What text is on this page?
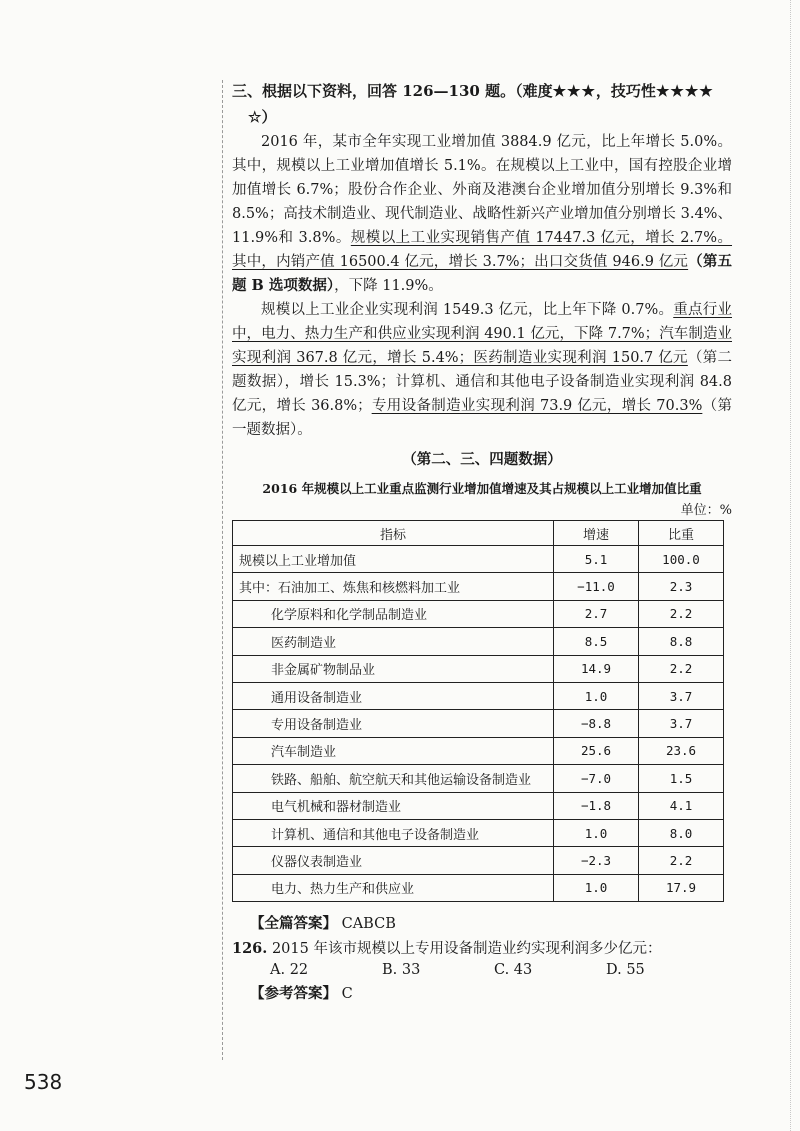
三、根据以下资料，回答 126—130 题。（难度★★★，技巧性★★★★
☆）

2016 年，某市全年实现工业增加值 3884.9 亿元，比上年增长 5.0%。其中，规模以上工业增加值增长 5.1%。在规模以上工业中，国有控股企业增加值增长 6.7%；股份合作企业、外商及港澳台企业增加值分别增长 9.3%和 8.5%；高技术制造业、现代制造业、战略性新兴产业增加值分别增长 3.4%、11.9%和 3.8%。规模以上工业实现销售产值 17447.3 亿元，增长 2.7%。其中，内销产值 16500.4 亿元，增长 3.7%；出口交货值 946.9 亿元（第五题 B 选项数据），下降 11.9%。

规模以上工业企业实现利润 1549.3 亿元，比上年下降 0.7%。重点行业中，电力、热力生产和供应业实现利润 490.1 亿元，下降 7.7%；汽车制造业实现利润 367.8 亿元，增长 5.4%；医药制造业实现利润 150.7 亿元（第二题数据），增长 15.3%；计算机、通信和其他电子设备制造业实现利润 84.8 亿元，增长 36.8%；专用设备制造业实现利润 73.9 亿元，增长 70.3%（第一题数据）。

（第二、三、四题数据）

2016 年规模以上工业重点监测行业增加值增速及其占规模以上工业增加值比重

单位：%

指标	增速	比重
规模以上工业增加值	5.1	100.0
其中：石油加工、炼焦和核燃料加工业	−11.0	2.3
化学原料和化学制品制造业	2.7	2.2
医药制造业	8.5	8.8
非金属矿物制品业	14.9	2.2
通用设备制造业	1.0	3.7
专用设备制造业	−8.8	3.7
汽车制造业	25.6	23.6
铁路、船舶、航空航天和其他运输设备制造业	−7.0	1.5
电气机械和器材制造业	−1.8	4.1
计算机、通信和其他电子设备制造业	1.0	8.0
仪器仪表制造业	−2.3	2.2
电力、热力生产和供应业	1.0	17.9

【全篇答案】 CABCB

126. 2015 年该市规模以上专用设备制造业约实现利润多少亿元：

A. 22	B. 33	C. 43	D. 55

【参考答案】 C

538
